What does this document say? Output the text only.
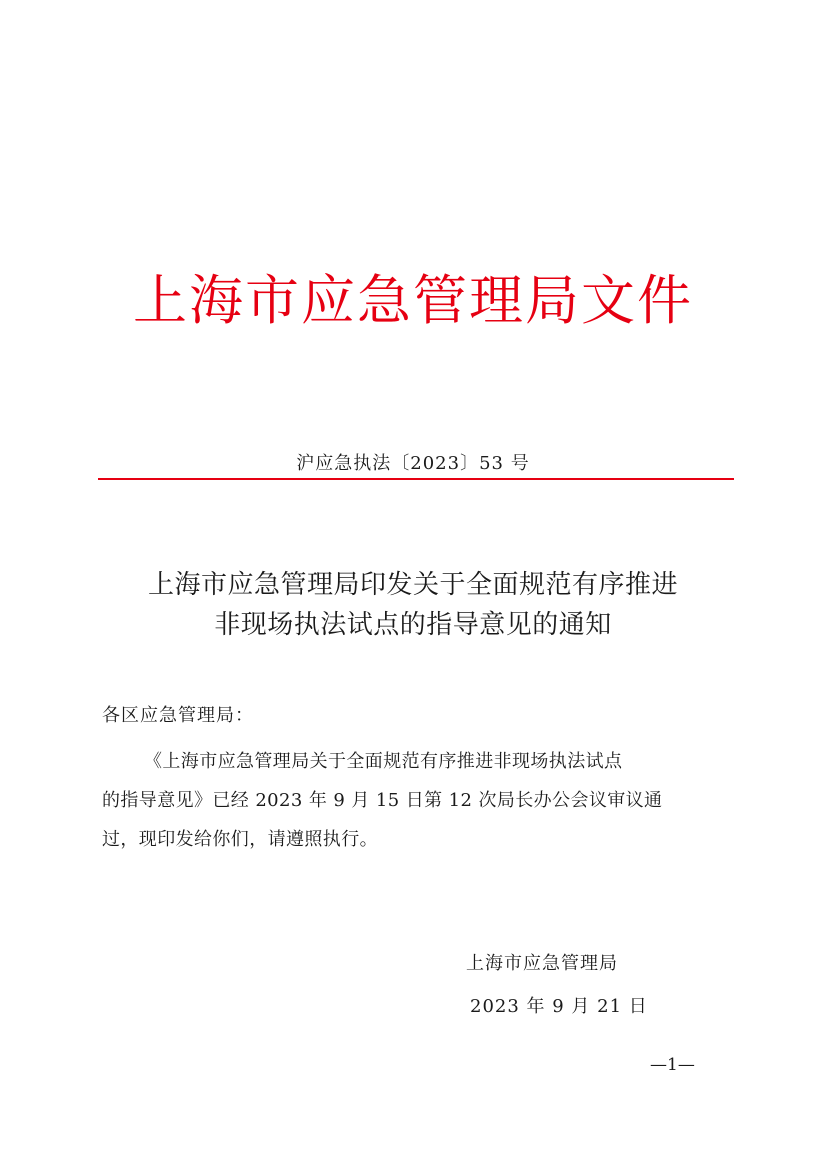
上海市应急管理局文件
沪应急执法〔2023〕53 号
上海市应急管理局印发关于全面规范有序推进
非现场执法试点的指导意见的通知
各区应急管理局：
《上海市应急管理局关于全面规范有序推进非现场执法试点
的指导意见》已经 2023 年 9 月 15 日第 12 次局长办公会议审议通
过，现印发给你们，请遵照执行。
上海市应急管理局
2023 年 9 月 21 日
—1—
